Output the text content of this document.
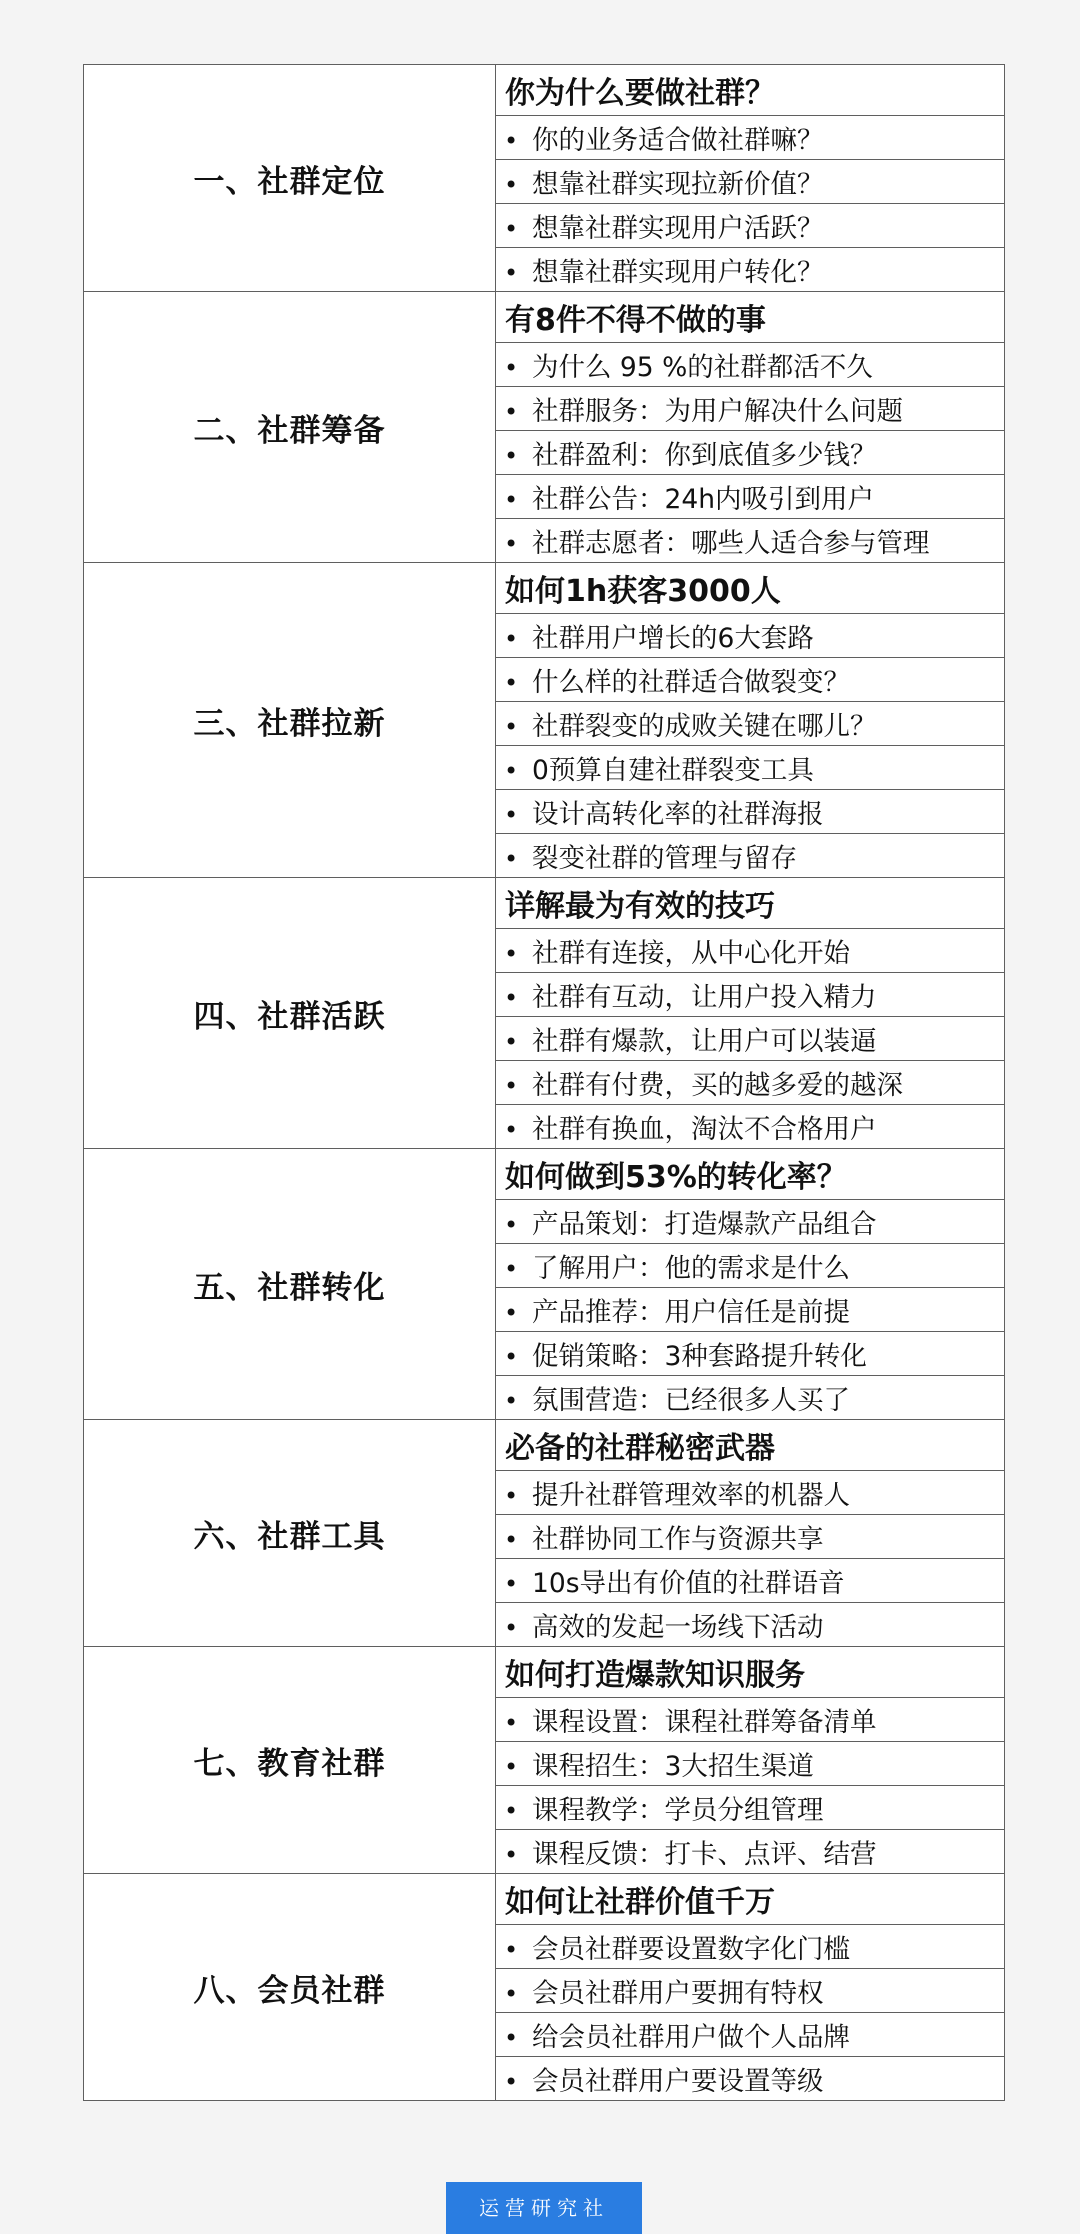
一、社群定位	你为什么要做社群？
	• 你的业务适合做社群嘛？
	• 想靠社群实现拉新价值？
	• 想靠社群实现用户活跃？
	• 想靠社群实现用户转化？
二、社群筹备	有8件不得不做的事
	• 为什么 95 %的社群都活不久
	• 社群服务：为用户解决什么问题
	• 社群盈利：你到底值多少钱？
	• 社群公告：24h内吸引到用户
	• 社群志愿者：哪些人适合参与管理
三、社群拉新	如何1h获客3000人
	• 社群用户增长的6大套路
	• 什么样的社群适合做裂变？
	• 社群裂变的成败关键在哪儿？
	• 0预算自建社群裂变工具
	• 设计高转化率的社群海报
	• 裂变社群的管理与留存
四、社群活跃	详解最为有效的技巧
	• 社群有连接，从中心化开始
	• 社群有互动，让用户投入精力
	• 社群有爆款，让用户可以装逼
	• 社群有付费，买的越多爱的越深
	• 社群有换血，淘汰不合格用户
五、社群转化	如何做到53%的转化率？
	• 产品策划：打造爆款产品组合
	• 了解用户：他的需求是什么
	• 产品推荐：用户信任是前提
	• 促销策略：3种套路提升转化
	• 氛围营造：已经很多人买了
六、社群工具	必备的社群秘密武器
	• 提升社群管理效率的机器人
	• 社群协同工作与资源共享
	• 10s导出有价值的社群语音
	• 高效的发起一场线下活动
七、教育社群	如何打造爆款知识服务
	• 课程设置：课程社群筹备清单
	• 课程招生：3大招生渠道
	• 课程教学：学员分组管理
	• 课程反馈：打卡、点评、结营
八、会员社群	如何让社群价值千万
	• 会员社群要设置数字化门槛
	• 会员社群用户要拥有特权
	• 给会员社群用户做个人品牌
	• 会员社群用户要设置等级
运营研究社
